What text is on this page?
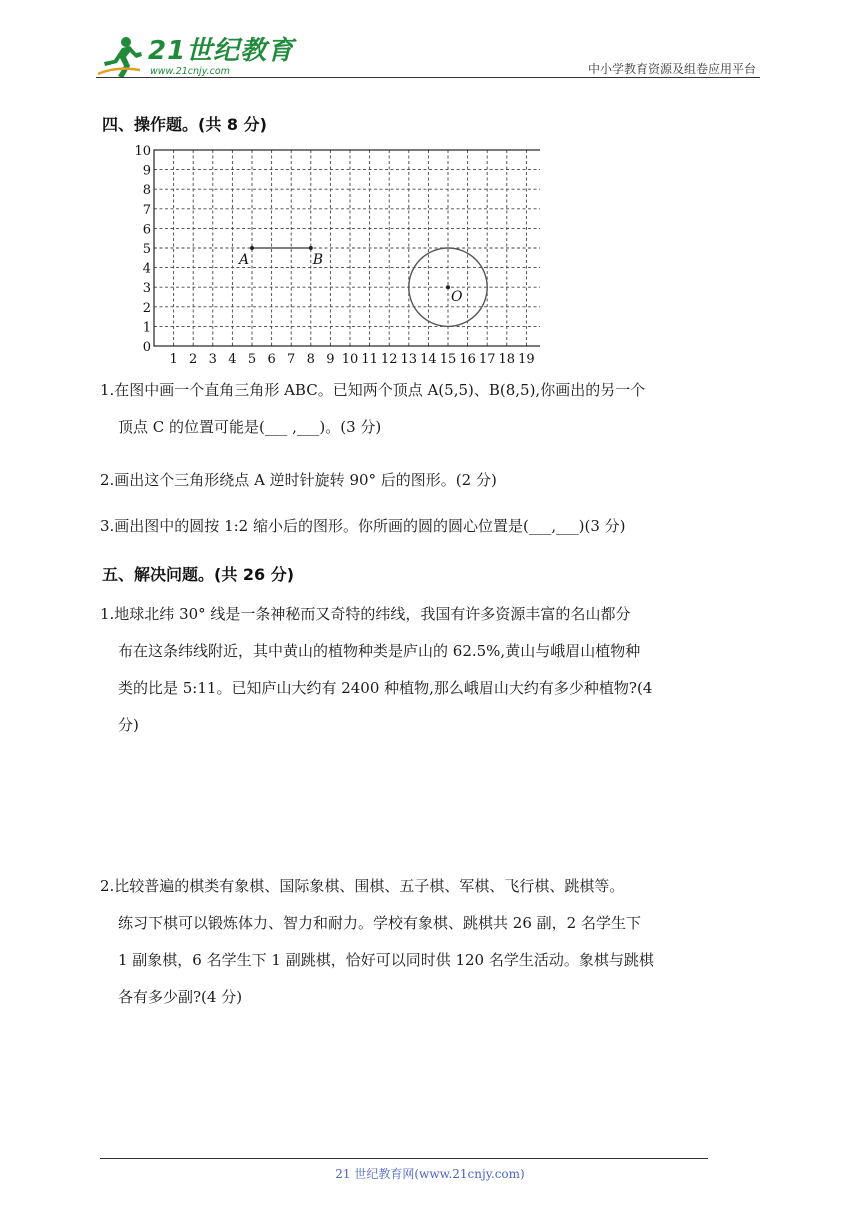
21世纪教育
www.21cnjy.com	中小学教育资源及组卷应用平台
四、操作题。(共 8 分)
1 2 3 4 5 6 7 8 9 10 11 12 13 14 15 16 17 18 19
0
1
2
3
4
5
6
7
8
9
10
A	B
O
1.在图中画一个直角三角形 ABC。已知两个顶点 A(5,5)、B(8,5),你画出的另一个
顶点 C 的位置可能是(___ ,___)。(3 分)
2.画出这个三角形绕点 A 逆时针旋转 90° 后的图形。(2 分)
3.画出图中的圆按 1:2 缩小后的图形。你所画的圆的圆心位置是(___,___)(3 分)
五、解决问题。(共 26 分)
1.地球北纬 30° 线是一条神秘而又奇特的纬线，我国有许多资源丰富的名山都分
布在这条纬线附近，其中黄山的植物种类是庐山的 62.5%,黄山与峨眉山植物种
类的比是 5:11。已知庐山大约有 2400 种植物,那么峨眉山大约有多少种植物?(4
分)
2.比较普遍的棋类有象棋、国际象棋、围棋、五子棋、军棋、飞行棋、跳棋等。
练习下棋可以锻炼体力、智力和耐力。学校有象棋、跳棋共 26 副，2 名学生下
1 副象棋，6 名学生下 1 副跳棋，恰好可以同时供 120 名学生活动。象棋与跳棋
各有多少副?(4 分)
21 世纪教育网(www.21cnjy.com)
